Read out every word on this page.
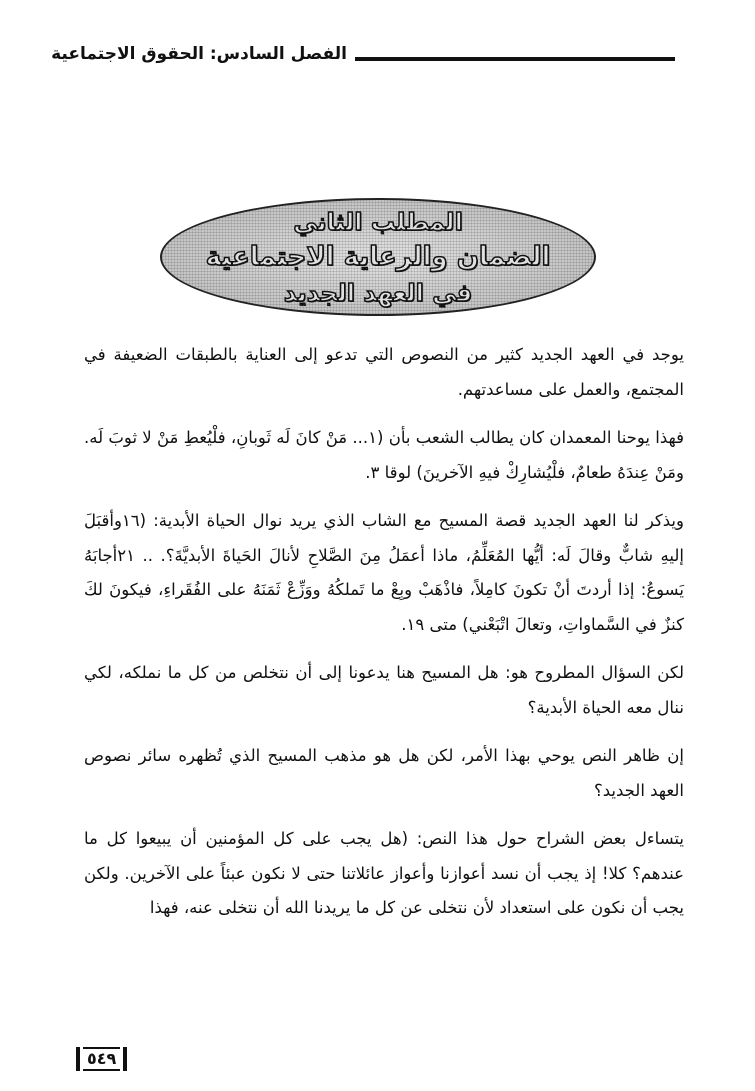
الفصل السادس: الحقوق الاجتماعية
المطلب الثاني
الضمان والرعاية الاجتماعية
في العهد الجديد

يوجد في العهد الجديد كثير من النصوص التي تدعو إلى العناية بالطبقات الضعيفة في المجتمع، والعمل على مساعدتهم.

فهذا يوحنا المعمدان كان يطالب الشعب بأن (١... مَنْ كانَ لَه ثَوبانِ، فلْيُعطِ مَنْ لا ثوبَ لَه. ومَنْ عِندَهُ طعامٌ، فلْيُشارِكْ فيهِ الآخرينَ) لوقا ٣.

ويذكر لنا العهد الجديد قصة المسيح مع الشاب الذي يريد نوال الحياة الأبدية: (١٦وأقبَلَ إليهِ شابٌّ وقالَ لَه: أيُّها المُعَلِّمُ، ماذا أعمَلُ مِنَ الصَّلاحِ لأنالَ الحَياةَ الأبديَّةَ؟. .. ٢١أجابَهُ يَسوعُ: إذا أردتَ أنْ تكونَ كامِلاً، فاذْهَبْ وبِعْ ما تَملكُهُ ووَزِّعْ ثَمَنَهُ على الفُقَراءِ، فيكونَ لكَ كنزٌ في السَّماواتِ، وتعالَ اتْبَعْني) متى ١٩.

لكن السؤال المطروح هو: هل المسيح هنا يدعونا إلى أن نتخلص من كل ما نملكه، لكي ننال معه الحياة الأبدية؟

إن ظاهر النص يوحي بهذا الأمر، لكن هل هو مذهب المسيح الذي تُظهره سائر نصوص العهد الجديد؟

يتساءل بعض الشراح حول هذا النص: (هل يجب على كل المؤمنين أن يبيعوا كل ما عندهم؟ كلا! إذ يجب أن نسد أعوازنا وأعواز عائلاتنا حتى لا نكون عبئاً على الآخرين. ولكن يجب أن نكون على استعداد لأن نتخلى عن كل ما يريدنا الله أن نتخلى عنه، فهذا

٥٤٩
